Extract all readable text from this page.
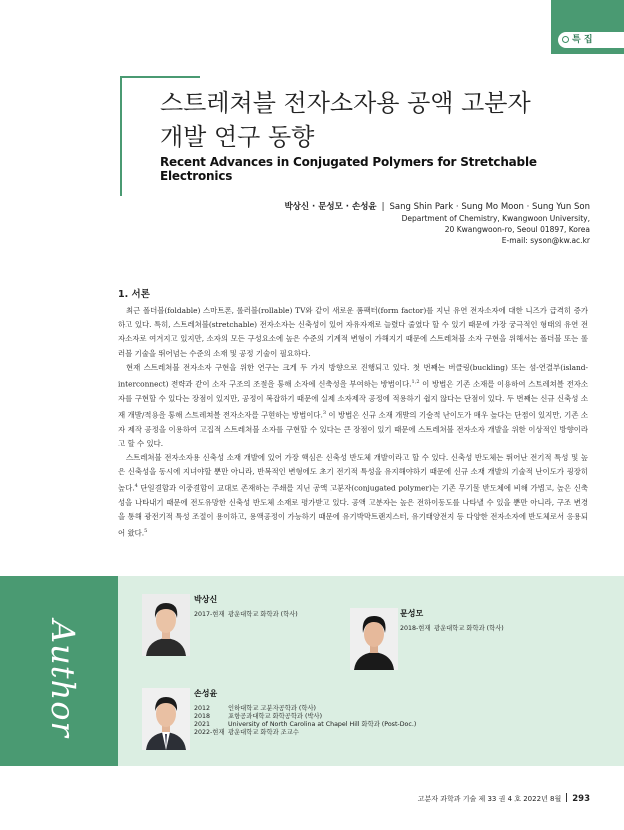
특 집
스트레쳐블 전자소자용 공액 고분자
개발 연구 동향
Recent Advances in Conjugated Polymers for Stretchable Electronics
박상신 · 문성모 · 손성윤 | Sang Shin Park · Sung Mo Moon · Sung Yun Son
Department of Chemistry, Kwangwoon University,
20 Kwangwoon-ro, Seoul 01897, Korea
E-mail: syson@kw.ac.kr
1. 서론

최근 폴더블(foldable) 스마트폰, 롤러블(rollable) TV와 같이 새로운 폼팩터(form factor)를 지닌 유연 전자소자에 대한 니즈가 급격히 증가하고 있다. 특히, 스트레쳐블(stretchable) 전자소자는 신축성이 있어 자유자재로 늘렸다 줄였다 할 수 있기 때문에 가장 궁극적인 형태의 유연 전자소자로 여겨지고 있지만, 소자의 모든 구성요소에 높은 수준의 기계적 변형이 가해지기 때문에 스트레쳐블 소자 구현을 위해서는 폴더블 또는 롤러블 기술을 뛰어넘는 수준의 소재 및 공정 기술이 필요하다.

현재 스트레쳐블 전자소자 구현을 위한 연구는 크게 두 가지 방향으로 진행되고 있다. 첫 번째는 버클링(buckling) 또는 섬-연결부(island-interconnect) 전략과 같이 소자 구조의 조절을 통해 소자에 신축성을 부여하는 방법이다.$^{1,2}$ 이 방법은 기존 소재를 이용하여 스트레쳐블 전자소자를 구현할 수 있다는 장점이 있지만, 공정이 복잡하기 때문에 실제 소자제작 공정에 적용하기 쉽지 않다는 단점이 있다. 두 번째는 신규 신축성 소재 개발/적용을 통해 스트레쳐블 전자소자를 구현하는 방법이다.$^3$ 이 방법은 신규 소재 개발의 기술적 난이도가 매우 높다는 단점이 있지만, 기존 소자 제작 공정을 이용하여 고집적 스트레쳐블 소자를 구현할 수 있다는 큰 장점이 있기 때문에 스트레쳐블 전자소자 개발을 위한 이상적인 방향이라고 할 수 있다.

스트레쳐블 전자소자용 신축성 소재 개발에 있어 가장 핵심은 신축성 반도체 개발이라고 할 수 있다. 신축성 반도체는 뛰어난 전기적 특성 및 높은 신축성을 동시에 지녀야할 뿐만 아니라, 반복적인 변형에도 초기 전기적 특성을 유지해야하기 때문에 신규 소재 개발의 기술적 난이도가 굉장히 높다.$^4$ 단일결합과 이중결합이 교대로 존재하는 주쇄를 지닌 공액 고분자(conjugated polymer)는 기존 무기물 반도체에 비해 가볍고, 높은 신축성을 나타내기 때문에 전도유망한 신축성 반도체 소재로 평가받고 있다. 공액 고분자는 높은 전하이동도를 나타낼 수 있을 뿐만 아니라, 구조 변경을 통해 광전기적 특성 조절이 용이하고, 용액공정이 가능하기 때문에 유기박막트랜지스터, 유기태양전지 등 다양한 전자소자에 반도체로서 응용되어 왔다.$^5$

Author
박상신
2017-현재 광운대학교 화학과 (학사)	문성모
2018-현재 광운대학교 화학과 (학사)
손성윤
2012	인하대학교 고분자공학과 (학사)
2018	포항공과대학교 화학공학과 (박사)
2021	University of North Carolina at Chapel Hill 화학과 (Post-Doc.)
2022-현재 광운대학교 화학과 조교수
고분자 과학과 기술 제 33 권 4 호 2022년 8월 293
